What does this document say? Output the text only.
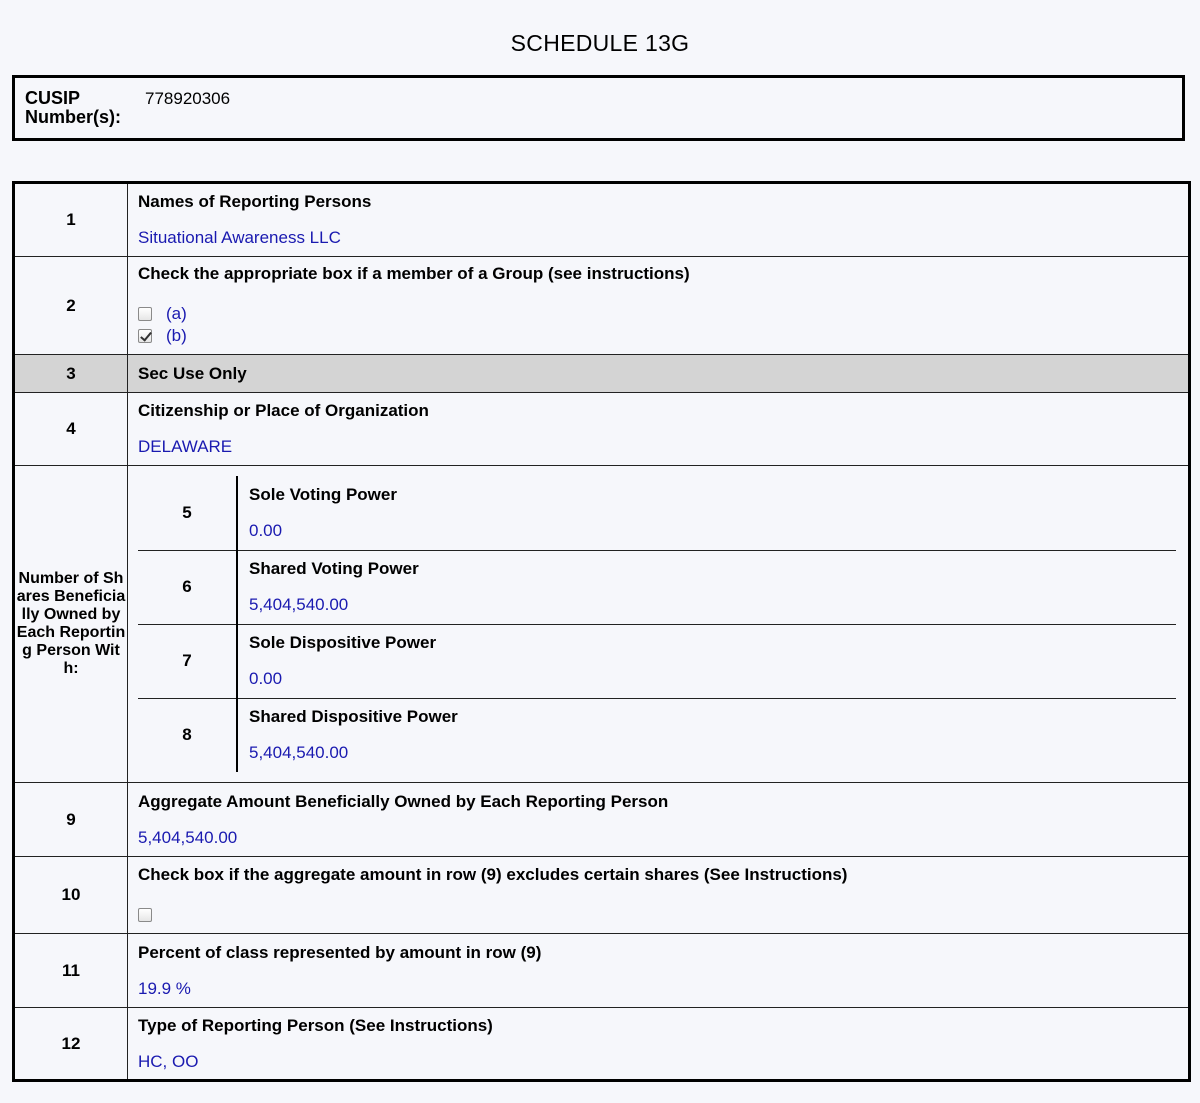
SCHEDULE 13G
CUSIP
Number(s):
778920306
1	
Names of Reporting Persons
Situational Awareness LLC

2	
Check the appropriate box if a member of a Group (see instructions)
(a)
(b)

3	Sec Use Only

4	
Citizenship or Place of Organization
DELAWARE

Number of Shares Beneficially Owned by Each Reporting Person With:	
5	
Sole Voting Power
0.00

6	
Shared Voting Power
5,404,540.00

7	
Sole Dispositive Power
0.00

8	
Shared Dispositive Power
5,404,540.00

9	
Aggregate Amount Beneficially Owned by Each Reporting Person
5,404,540.00

10	
Check box if the aggregate amount in row (9) excludes certain shares (See Instructions)

11	
Percent of class represented by amount in row (9)
19.9 %

12	
Type of Reporting Person (See Instructions)
HC, OO
